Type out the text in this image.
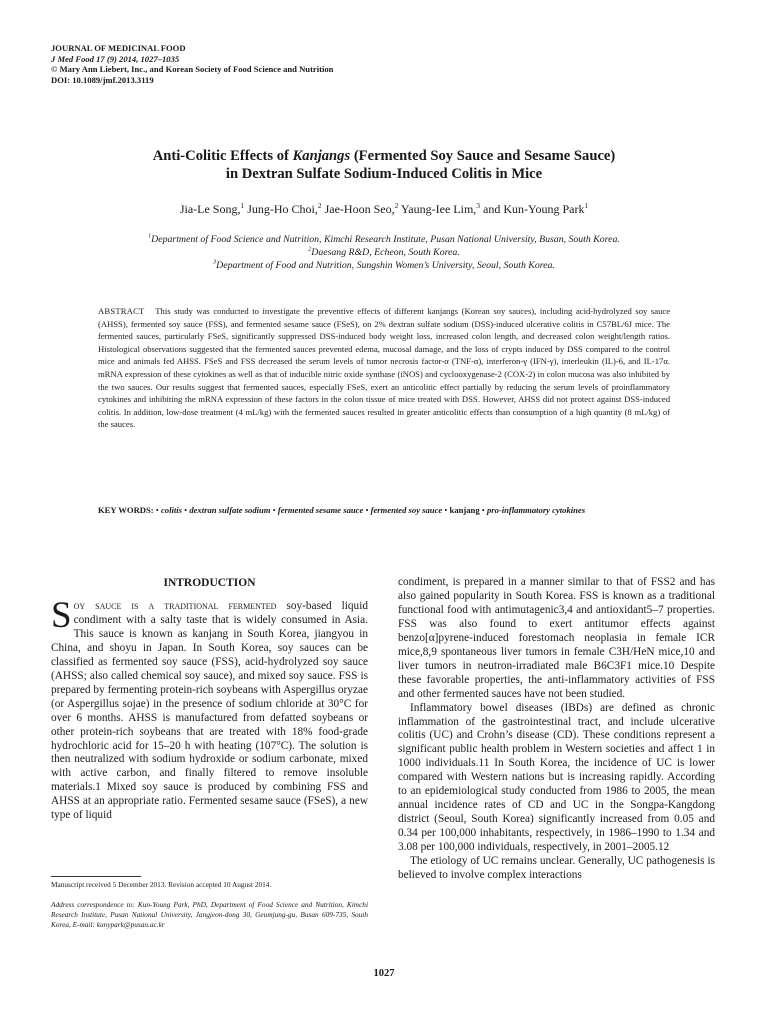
JOURNAL OF MEDICINAL FOOD
J Med Food 17 (9) 2014, 1027–1035
© Mary Ann Liebert, Inc., and Korean Society of Food Science and Nutrition
DOI: 10.1089/jmf.2013.3119
Anti-Colitic Effects of Kanjangs (Fermented Soy Sauce and Sesame Sauce)
in Dextran Sulfate Sodium-Induced Colitis in Mice
Jia-Le Song,$^1$ Jung-Ho Choi,$^2$ Jae-Hoon Seo,$^2$ Yaung-Iee Lim,$^3$ and Kun-Young Park$^1$
$^1$Department of Food Science and Nutrition, Kimchi Research Institute, Pusan National University, Busan, South Korea.
$^2$Daesang R&D, Echeon, South Korea.
$^3$Department of Food and Nutrition, Sungshin Women’s University, Seoul, South Korea.
ABSTRACT This study was conducted to investigate the preventive effects of different kanjangs (Korean soy sauces), including acid-hydrolyzed soy sauce (AHSS), fermented soy sauce (FSS), and fermented sesame sauce (FSeS), on 2% dextran sulfate sodium (DSS)-induced ulcerative colitis in C57BL/6J mice. The fermented sauces, particularly FSeS, significantly suppressed DSS-induced body weight loss, increased colon length, and decreased colon weight/length ratios. Histological observations suggested that the fermented sauces prevented edema, mucosal damage, and the loss of crypts induced by DSS compared to the control mice and animals fed AHSS. FSeS and FSS decreased the serum levels of tumor necrosis factor-α (TNF-α), interferon-γ (IFN-γ), interleukin (IL)-6, and IL-17α. mRNA expression of these cytokines as well as that of inducible nitric oxide synthase (iNOS) and cyclooxygenase-2 (COX-2) in colon mucosa was also inhibited by the two sauces. Our results suggest that fermented sauces, especially FSeS, exert an anticolitic effect partially by reducing the serum levels of proinflammatory cytokines and inhibiting the mRNA expression of these factors in the colon tissue of mice treated with DSS. However, AHSS did not protect against DSS-induced colitis. In addition, low-dose treatment (4 mL/kg) with the fermented sauces resulted in greater anticolitic effects than consumption of a high quantity (8 mL/kg) of the sauces.
KEY WORDS: • colitis • dextran sulfate sodium • fermented sesame sauce • fermented soy sauce • kanjang • pro-inflammatory cytokines
INTRODUCTION

Soy sauce is a traditional fermented soy-based liquid condiment with a salty taste that is widely consumed in Asia. This sauce is known as kanjang in South Korea, jiangyou in China, and shoyu in Japan. In South Korea, soy sauces can be classified as fermented soy sauce (FSS), acid-hydrolyzed soy sauce (AHSS; also called chemical soy sauce), and mixed soy sauce. FSS is prepared by fermenting protein-rich soybeans with Aspergillus oryzae (or Aspergillus sojae) in the presence of sodium chloride at 30°C for over 6 months. AHSS is manufactured from defatted soybeans or other protein-rich soybeans that are treated with 18% food-grade hydrochloric acid for 15–20 h with heating (107°C). The solution is then neutralized with sodium hydroxide or sodium carbonate, mixed with active carbon, and finally filtered to remove insoluble materials.1 Mixed soy sauce is produced by combining FSS and AHSS at an appropriate ratio. Fermented sesame sauce (FSeS), a new type of liquid

condiment, is prepared in a manner similar to that of FSS2 and has also gained popularity in South Korea. FSS is known as a traditional functional food with antimutagenic3,4 and antioxidant5–7 properties. FSS was also found to exert antitumor effects against benzo[α]pyrene-induced forestomach neoplasia in female ICR mice,8,9 spontaneous liver tumors in female C3H/HeN mice,10 and liver tumors in neutron-irradiated male B6C3F1 mice.10 Despite these favorable properties, the anti-inflammatory activities of FSS and other fermented sauces have not been studied.

Inflammatory bowel diseases (IBDs) are defined as chronic inflammation of the gastrointestinal tract, and include ulcerative colitis (UC) and Crohn’s disease (CD). These conditions represent a significant public health problem in Western societies and affect 1 in 1000 individuals.11 In South Korea, the incidence of UC is lower compared with Western nations but is increasing rapidly. According to an epidemiological study conducted from 1986 to 2005, the mean annual incidence rates of CD and UC in the Songpa-Kangdong district (Seoul, South Korea) significantly increased from 0.05 and 0.34 per 100,000 inhabitants, respectively, in 1986–1990 to 1.34 and 3.08 per 100,000 individuals, respectively, in 2001–2005.12

The etiology of UC remains unclear. Generally, UC pathogenesis is believed to involve complex interactions

Manuscript received 5 December 2013. Revision accepted 10 August 2014.
Address correspondence to: Kun-Young Park, PhD, Department of Food Science and Nutrition, Kimchi Research Institute, Pusan National University, Jangjeon-dong 30, Geumjung-gu, Busan 609-735, South Korea, E-mail: kunypark@pusan.ac.kr
1027
